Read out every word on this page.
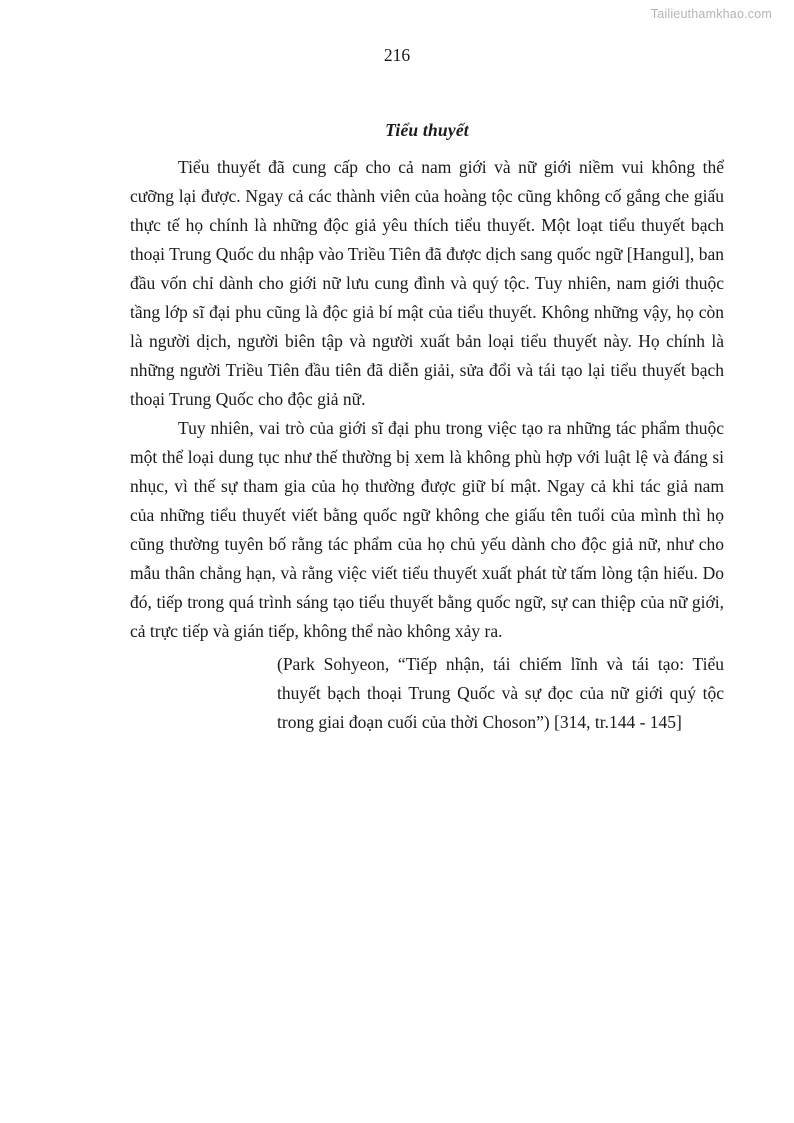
Tailieuthamkhao.com
216
Tiểu thuyết

Tiểu thuyết đã cung cấp cho cả nam giới và nữ giới niềm vui không thể cưỡng lại được. Ngay cả các thành viên của hoàng tộc cũng không cố gắng che giấu thực tế họ chính là những độc giả yêu thích tiểu thuyết. Một loạt tiểu thuyết bạch thoại Trung Quốc du nhập vào Triều Tiên đã được dịch sang quốc ngữ [Hangul], ban đầu vốn chỉ dành cho giới nữ lưu cung đình và quý tộc. Tuy nhiên, nam giới thuộc tầng lớp sĩ đại phu cũng là độc giả bí mật của tiểu thuyết. Không những vậy, họ còn là người dịch, người biên tập và người xuất bản loại tiểu thuyết này. Họ chính là những người Triều Tiên đầu tiên đã diễn giải, sửa đổi và tái tạo lại tiểu thuyết bạch thoại Trung Quốc cho độc giả nữ.

Tuy nhiên, vai trò của giới sĩ đại phu trong việc tạo ra những tác phẩm thuộc một thể loại dung tục như thế thường bị xem là không phù hợp với luật lệ và đáng si nhục, vì thế sự tham gia của họ thường được giữ bí mật. Ngay cả khi tác giả nam của những tiểu thuyết viết bằng quốc ngữ không che giấu tên tuổi của mình thì họ cũng thường tuyên bố rằng tác phẩm của họ chủ yếu dành cho độc giả nữ, như cho mẫu thân chẳng hạn, và rằng việc viết tiểu thuyết xuất phát từ tấm lòng tận hiếu. Do đó, tiếp trong quá trình sáng tạo tiểu thuyết bằng quốc ngữ, sự can thiệp của nữ giới, cả trực tiếp và gián tiếp, không thể nào không xảy ra.

(Park Sohyeon, “Tiếp nhận, tái chiếm lĩnh và tái tạo: Tiểu thuyết bạch thoại Trung Quốc và sự đọc của nữ giới quý tộc trong giai đoạn cuối của thời Choson”) [314, tr.144 - 145]
